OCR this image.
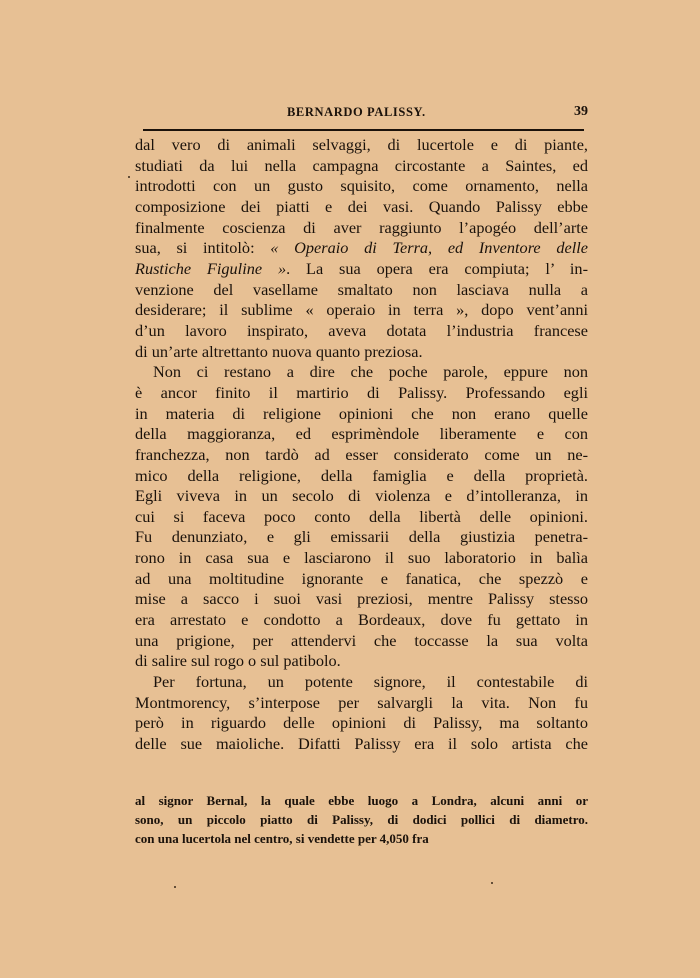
BERNARDO PALISSY.	39
dal vero di animali selvaggi, di lucertole e di piante,
studiati da lui nella campagna circostante a Saintes, ed
introdotti con un gusto squisito, come ornamento, nella
composizione dei piatti e dei vasi. Quando Palissy ebbe
finalmente coscienza di aver raggiunto l’apogéo dell’arte
sua, si intitolò: « Operaio di Terra, ed Inventore delle
Rustiche Figuline ». La sua opera era compiuta; l’ in-
venzione del vasellame smaltato non lasciava nulla a
desiderare; il sublime « operaio in terra », dopo vent’anni
d’un lavoro inspirato, aveva dotata l’industria francese
di un’arte altrettanto nuova quanto preziosa.
Non ci restano a dire che poche parole, eppure non
è ancor finito il martirio di Palissy. Professando egli
in materia di religione opinioni che non erano quelle
della maggioranza, ed esprimèndole liberamente e con
franchezza, non tardò ad esser considerato come un ne-
mico della religione, della famiglia e della proprietà.
Egli viveva in un secolo di violenza e d’intolleranza, in
cui si faceva poco conto della libertà delle opinioni.
Fu denunziato, e gli emissarii della giustizia penetra-
rono in casa sua e lasciarono il suo laboratorio in balìa
ad una moltitudine ignorante e fanatica, che spezzò e
mise a sacco i suoi vasi preziosi, mentre Palissy stesso
era arrestato e condotto a Bordeaux, dove fu gettato in
una prigione, per attendervi che toccasse la sua volta
di salire sul rogo o sul patibolo.
Per fortuna, un potente signore, il contestabile di
Montmorency, s’interpose per salvargli la vita. Non fu
però in riguardo delle opinioni di Palissy, ma soltanto
delle sue maioliche. Difatti Palissy era il solo artista che
al signor Bernal, la quale ebbe luogo a Londra, alcuni anni or
sono, un piccolo piatto di Palissy, di dodici pollici di diametro.
con una lucertola nel centro, si vendette per 4,050 fra
